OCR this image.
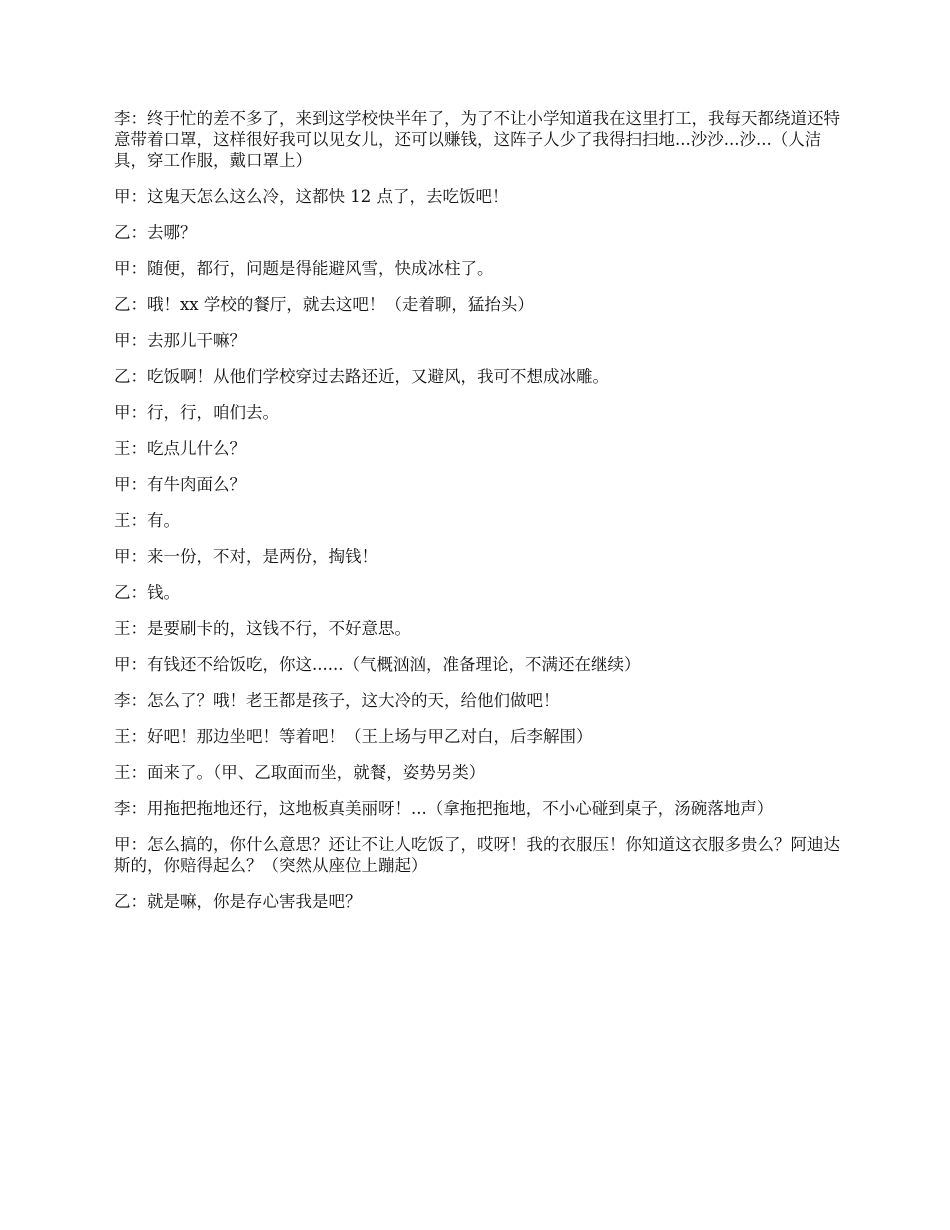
李：终于忙的差不多了，来到这学校快半年了，为了不让小学知道我在这里打工，我每天都绕道还特意带着口罩，这样很好我可以见女儿，还可以赚钱，这阵子人少了我得扫扫地...沙沙...沙...（人洁具，穿工作服，戴口罩上）

甲：这鬼天怎么这么冷，这都快 12 点了，去吃饭吧！

乙：去哪？

甲：随便，都行，问题是得能避风雪，快成冰柱了。

乙：哦！xx 学校的餐厅，就去这吧！（走着聊，猛抬头）

甲：去那儿干嘛？

乙：吃饭啊！从他们学校穿过去路还近，又避风，我可不想成冰雕。

甲：行，行，咱们去。

王：吃点儿什么？

甲：有牛肉面么？

王：有。

甲：来一份，不对，是两份，掏钱！

乙：钱。

王：是要刷卡的，这钱不行，不好意思。

甲：有钱还不给饭吃，你这......（气概汹汹，准备理论，不满还在继续）

李：怎么了？哦！老王都是孩子，这大冷的天，给他们做吧！

王：好吧！那边坐吧！等着吧！（王上场与甲乙对白，后李解围）

王：面来了。（甲、乙取面而坐，就餐，姿势另类）

李：用拖把拖地还行，这地板真美丽呀！...（拿拖把拖地，不小心碰到桌子，汤碗落地声）

甲：怎么搞的，你什么意思？还让不让人吃饭了，哎呀！我的衣服压！你知道这衣服多贵么？阿迪达斯的，你赔得起么？（突然从座位上蹦起）

乙：就是嘛，你是存心害我是吧？
